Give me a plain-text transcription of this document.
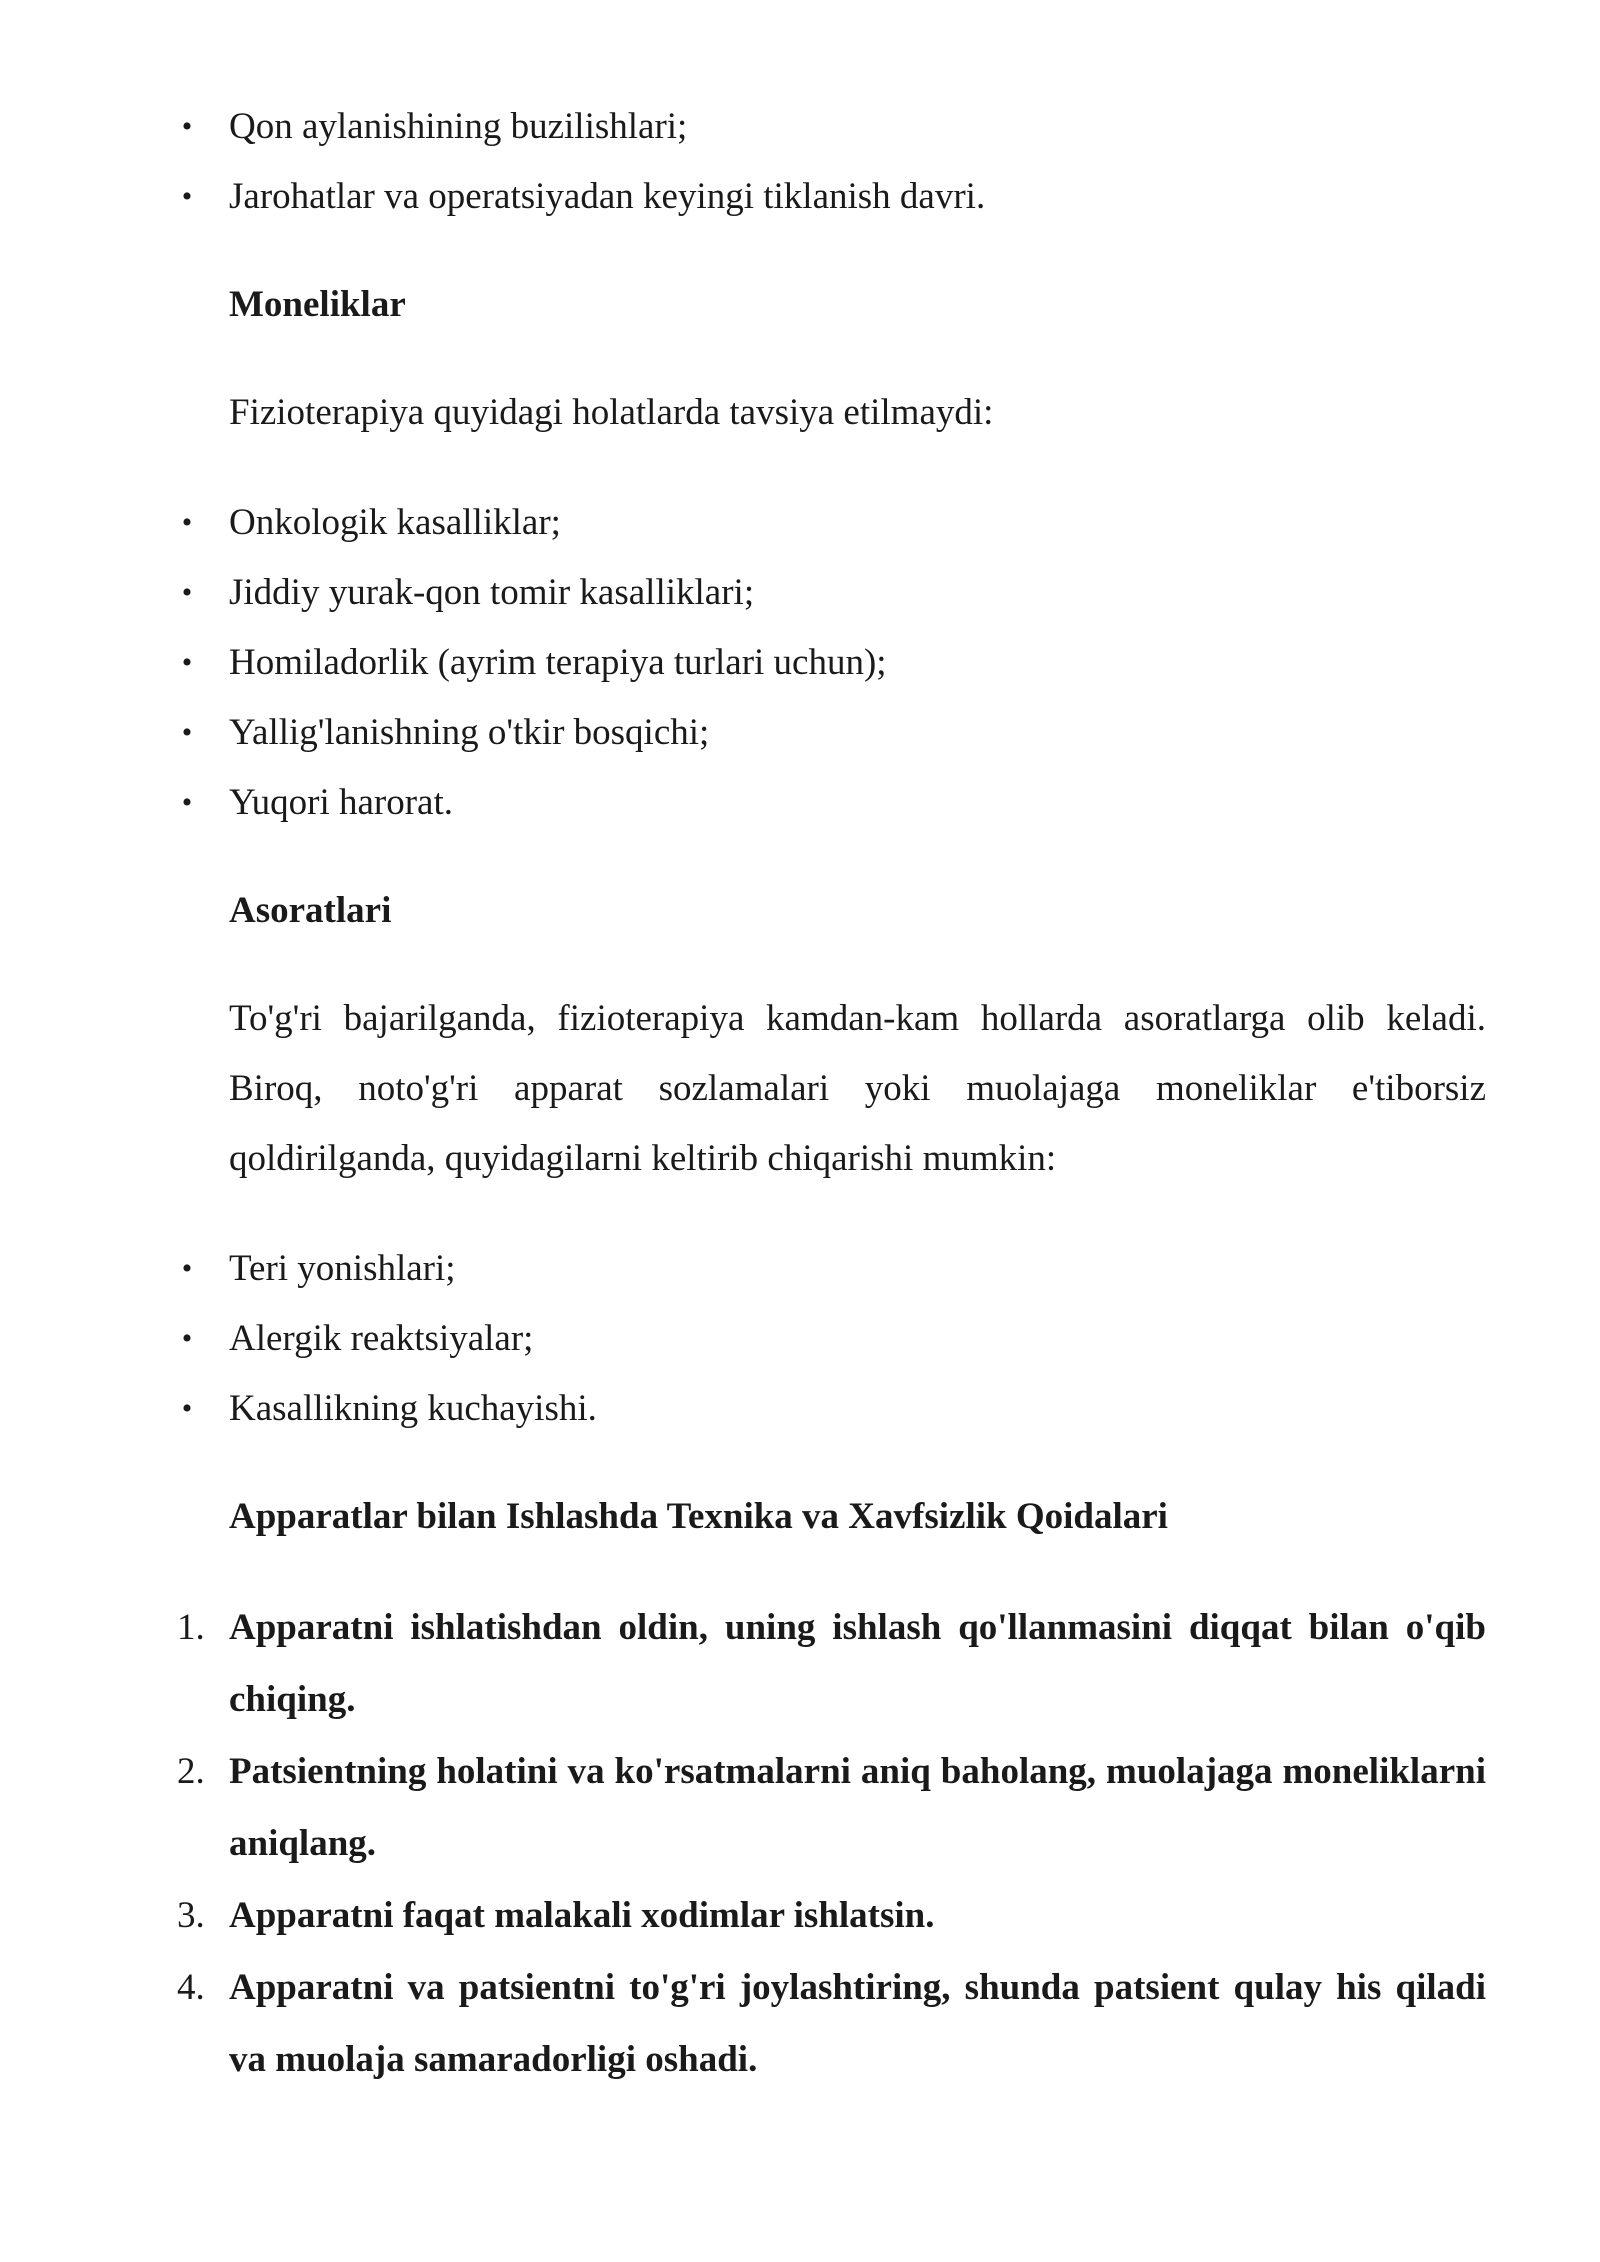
• Qon aylanishining buzilishlari;
• Jarohatlar va operatsiyadan keyingi tiklanish davri.
Moneliklar

Fizioterapiya quyidagi holatlarda tavsiya etilmaydi:

• Onkologik kasalliklar;
• Jiddiy yurak-qon tomir kasalliklari;
• Homiladorlik (ayrim terapiya turlari uchun);
• Yallig'lanishning o'tkir bosqichi;
• Yuqori harorat.
Asoratlari

To'g'ri bajarilganda, fizioterapiya kamdan-kam hollarda asoratlarga olib keladi. Biroq, noto'g'ri apparat sozlamalari yoki muolajaga moneliklar e'tiborsiz qoldirilganda, quyidagilarni keltirib chiqarishi mumkin:

• Teri yonishlari;
• Alergik reaktsiyalar;
• Kasallikning kuchayishi.
Apparatlar bilan Ishlashda Texnika va Xavfsizlik Qoidalari
1. Apparatni ishlatishdan oldin, uning ishlash qo'llanmasini diqqat bilan o'qib chiqing.
2. Patsientning holatini va ko'rsatmalarni aniq baholang, muolajaga moneliklarni aniqlang.
3. Apparatni faqat malakali xodimlar ishlatsin.
4. Apparatni va patsientni to'g'ri joylashtiring, shunda patsient qulay his qiladi va muolaja samaradorligi oshadi.
